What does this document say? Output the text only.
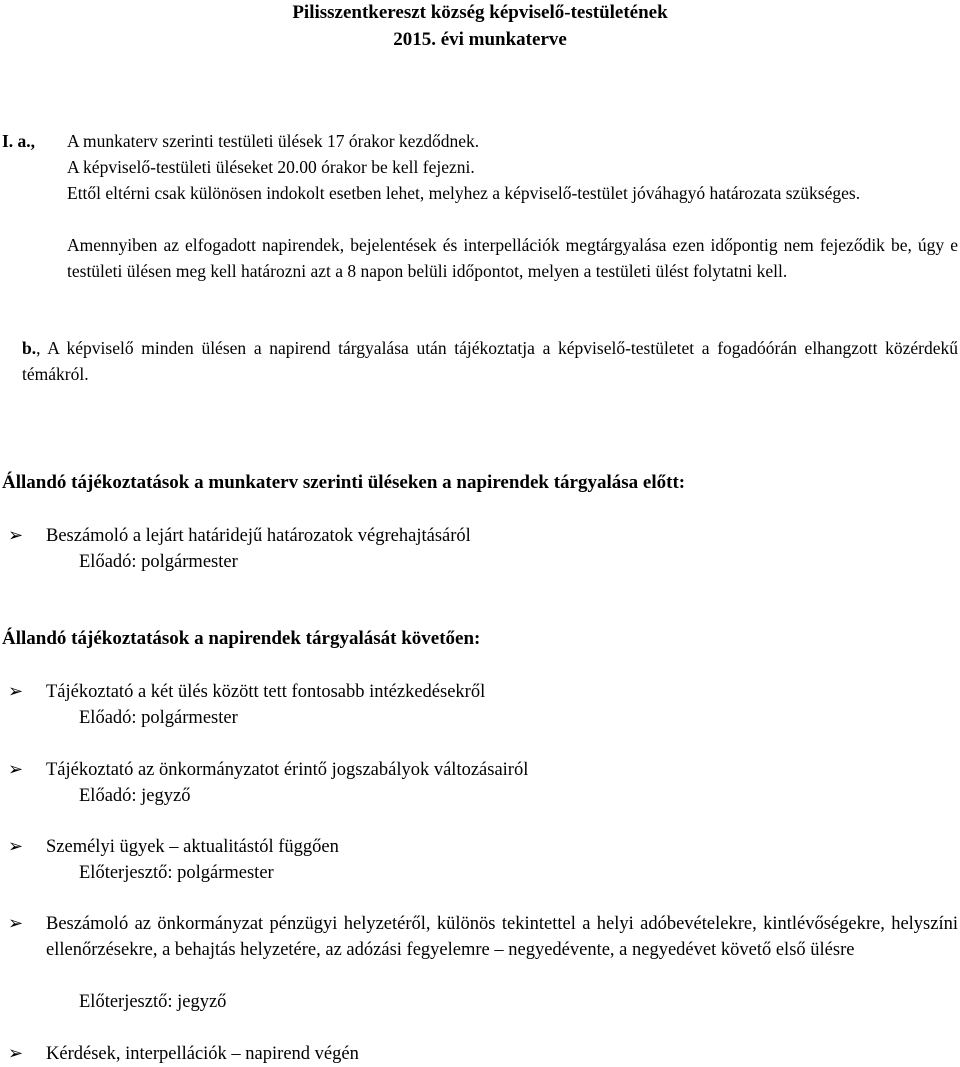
Pilisszentkereszt község képviselő-testületének
2015. évi munkaterve
I. a., A munkaterv szerinti testületi ülések 17 órakor kezdődnek.
A képviselő-testületi üléseket 20.00 órakor be kell fejezni.
Ettől eltérni csak különösen indokolt esetben lehet, melyhez a képviselő-testület jóváhagyó határozata szükséges.
Amennyiben az elfogadott napirendek, bejelentések és interpellációk megtárgyalása ezen időpontig nem fejeződik be, úgy e testületi ülésen meg kell határozni azt a 8 napon belüli időpontot, melyen a testületi ülést folytatni kell.
b., A képviselő minden ülésen a napirend tárgyalása után tájékoztatja a képviselő-testületet a fogadóórán elhangzott közérdekű témákról.
Állandó tájékoztatások a munkaterv szerinti üléseken a napirendek tárgyalása előtt:
➢ Beszámoló a lejárt határidejű határozatok végrehajtásáról
Előadó: polgármester
Állandó tájékoztatások a napirendek tárgyalását követően:
➢ Tájékoztató a két ülés között tett fontosabb intézkedésekről
Előadó: polgármester
➢ Tájékoztató az önkormányzatot érintő jogszabályok változásairól
Előadó: jegyző
➢ Személyi ügyek – aktualitástól függően
Előterjesztő: polgármester
➢ Beszámoló az önkormányzat pénzügyi helyzetéről, különös tekintettel a helyi adóbevételekre, kintlévőségekre, helyszíni ellenőrzésekre, a behajtás helyzetére, az adózási fegyelemre – negyedévente, a negyedévet követő első ülésre
Előterjesztő: jegyző
➢ Kérdések, interpellációk – napirend végén
